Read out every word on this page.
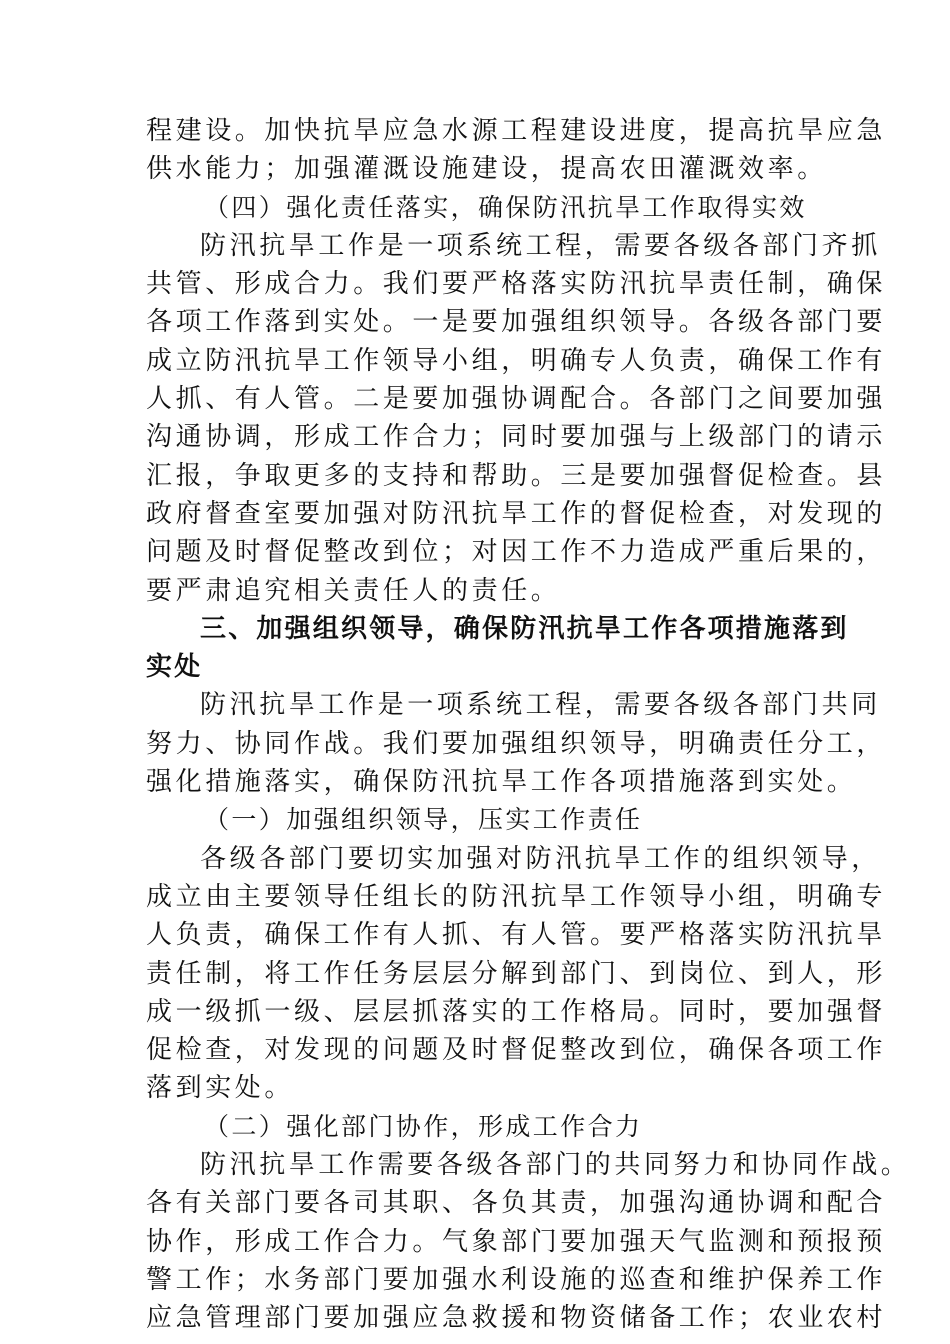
程建设。加快抗旱应急水源工程建设进度，提高抗旱应急
供水能力；加强灌溉设施建设，提高农田灌溉效率。
（四）强化责任落实，确保防汛抗旱工作取得实效
防汛抗旱工作是一项系统工程，需要各级各部门齐抓
共管、形成合力。我们要严格落实防汛抗旱责任制，确保
各项工作落到实处。一是要加强组织领导。各级各部门要
成立防汛抗旱工作领导小组，明确专人负责，确保工作有
人抓、有人管。二是要加强协调配合。各部门之间要加强
沟通协调，形成工作合力；同时要加强与上级部门的请示
汇报，争取更多的支持和帮助。三是要加强督促检查。县
政府督查室要加强对防汛抗旱工作的督促检查，对发现的
问题及时督促整改到位；对因工作不力造成严重后果的，
要严肃追究相关责任人的责任。
三、加强组织领导，确保防汛抗旱工作各项措施落到
实处
防汛抗旱工作是一项系统工程，需要各级各部门共同
努力、协同作战。我们要加强组织领导，明确责任分工，
强化措施落实，确保防汛抗旱工作各项措施落到实处。
（一）加强组织领导，压实工作责任
各级各部门要切实加强对防汛抗旱工作的组织领导，
成立由主要领导任组长的防汛抗旱工作领导小组，明确专
人负责，确保工作有人抓、有人管。要严格落实防汛抗旱
责任制，将工作任务层层分解到部门、到岗位、到人，形
成一级抓一级、层层抓落实的工作格局。同时，要加强督
促检查，对发现的问题及时督促整改到位，确保各项工作
落到实处。
（二）强化部门协作，形成工作合力
防汛抗旱工作需要各级各部门的共同努力和协同作战。
各有关部门要各司其职、各负其责，加强沟通协调和配合
协作，形成工作合力。气象部门要加强天气监测和预报预
警工作；水务部门要加强水利设施的巡查和维护保养工作
应急管理部门要加强应急救援和物资储备工作；农业农村
